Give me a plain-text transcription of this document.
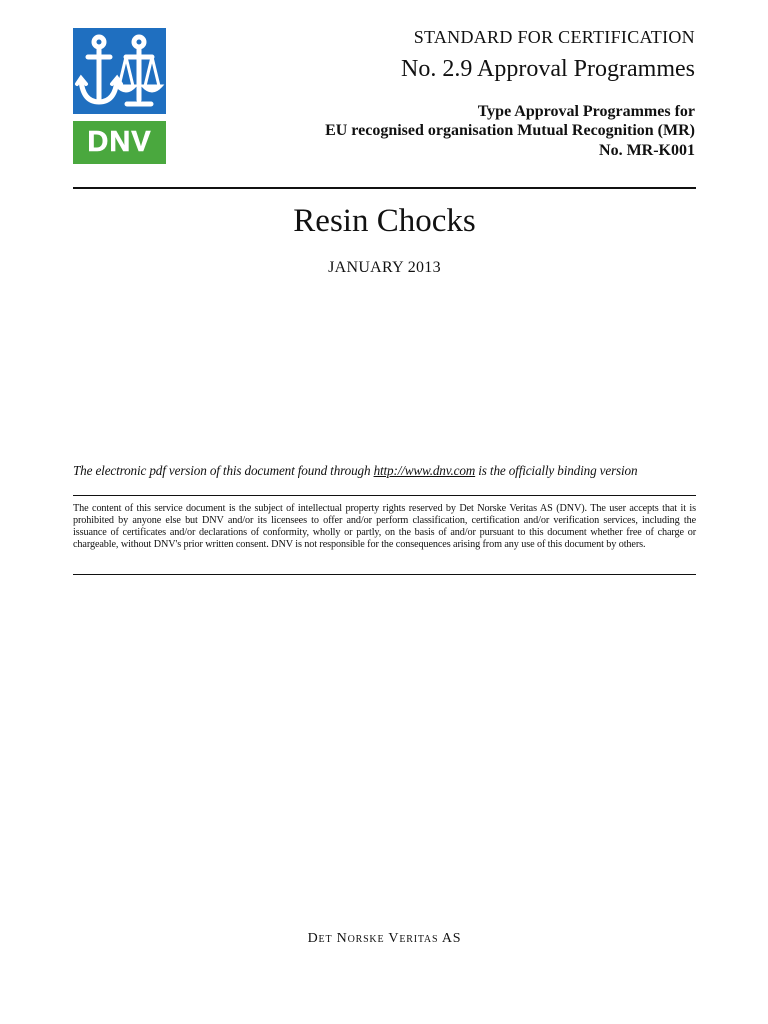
DNV
STANDARD FOR CERTIFICATION
No. 2.9 Approval Programmes
Type Approval Programmes for
EU recognised organisation Mutual Recognition (MR)
No. MR-K001
Resin Chocks
JANUARY 2013
The electronic pdf version of this document found through http://www.dnv.com is the officially binding version
The content of this service document is the subject of intellectual property rights reserved by Det Norske Veritas AS (DNV). The user accepts that it is prohibited by anyone else but DNV and/or its licensees to offer and/or perform classification, certification and/or verification services, including the issuance of certificates and/or declarations of conformity, wholly or partly, on the basis of and/or pursuant to this document whether free of charge or chargeable, without DNV's prior written consent. DNV is not responsible for the consequences arising from any use of this document by others.
Det Norske Veritas AS
